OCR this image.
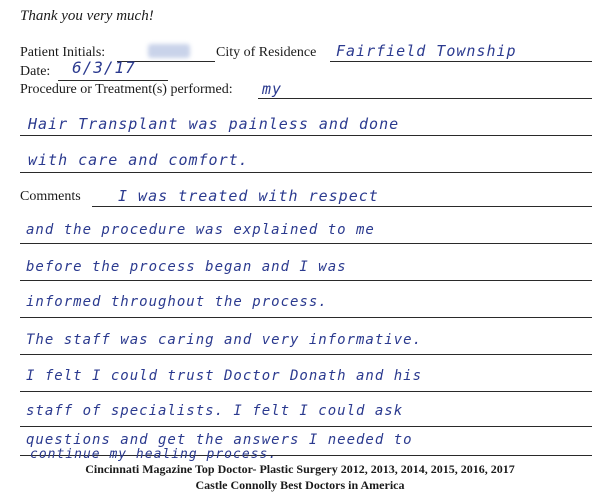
Thank you very much!
Patient Initials:	City of Residence Fairfield Township
Date: 6/3/17
Procedure or Treatment(s) performed: my
Hair Transplant was painless and done
with care and comfort.
Comments I was treated with respect
and the procedure was explained to me
before the process began and I was
informed throughout the process.
The staff was caring and very informative.
I felt I could trust Doctor Donath and his
staff of specialists. I felt I could ask
questions and get the answers I needed to
continue my healing process.
Cincinnati Magazine Top Doctor- Plastic Surgery 2012, 2013, 2014, 2015, 2016, 2017
Castle Connolly Best Doctors in America
